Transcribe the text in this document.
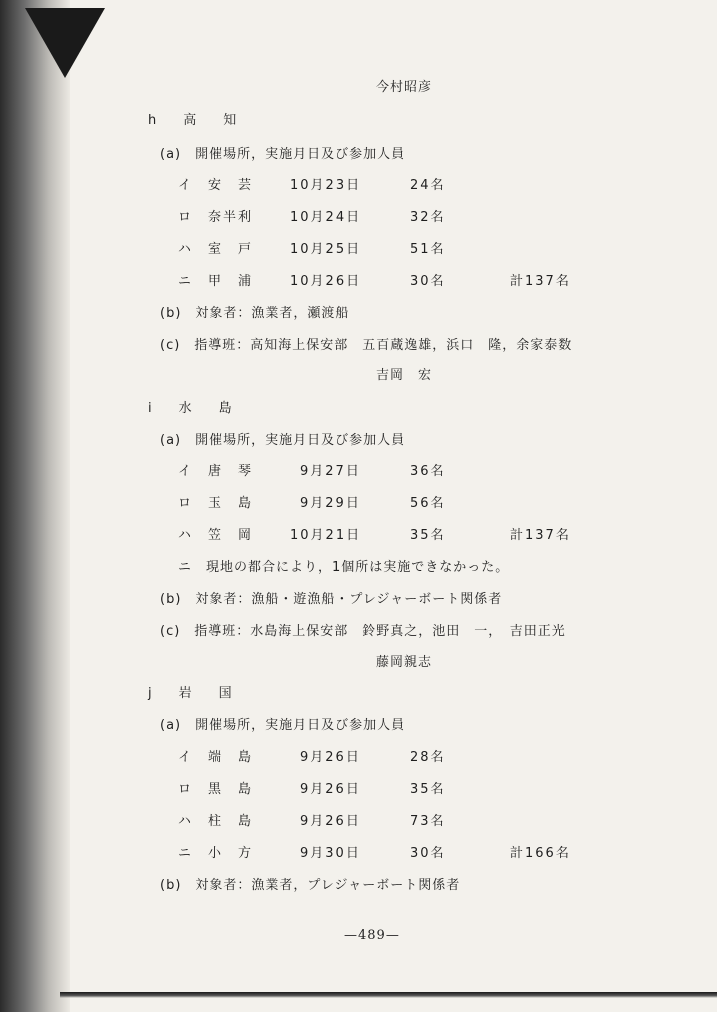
今村昭彦
h　高　知
(a)　開催場所，実施月日及び参加人員
イ 安　芸	10月23日	24名
ロ 奈半利	10月24日	32名
ハ 室　戸	10月25日	51名
ニ 甲　浦	10月26日	30名	計137名
(b)　対象者：漁業者，瀬渡船
(c)　指導班：高知海上保安部　五百蔵逸雄，浜口　隆，余家泰数
吉岡　宏
i　水　島
(a)　開催場所，実施月日及び参加人員
イ 唐　琴	9月27日	36名
ロ 玉　島	9月29日	56名
ハ 笠　岡	10月21日	35名	計137名
ニ　現地の都合により，1個所は実施できなかった。
(b)　対象者：漁船・遊漁船・プレジャーボート関係者
(c)　指導班：水島海上保安部　鈴野真之，池田　一，　吉田正光
藤岡親志
j　岩　国
(a)　開催場所，実施月日及び参加人員
イ 端　島	9月26日	28名
ロ 黒　島	9月26日	35名
ハ 柱　島	9月26日	73名
ニ 小　方	9月30日	30名	計166名
(b)　対象者：漁業者，プレジャーボート関係者
—489—
